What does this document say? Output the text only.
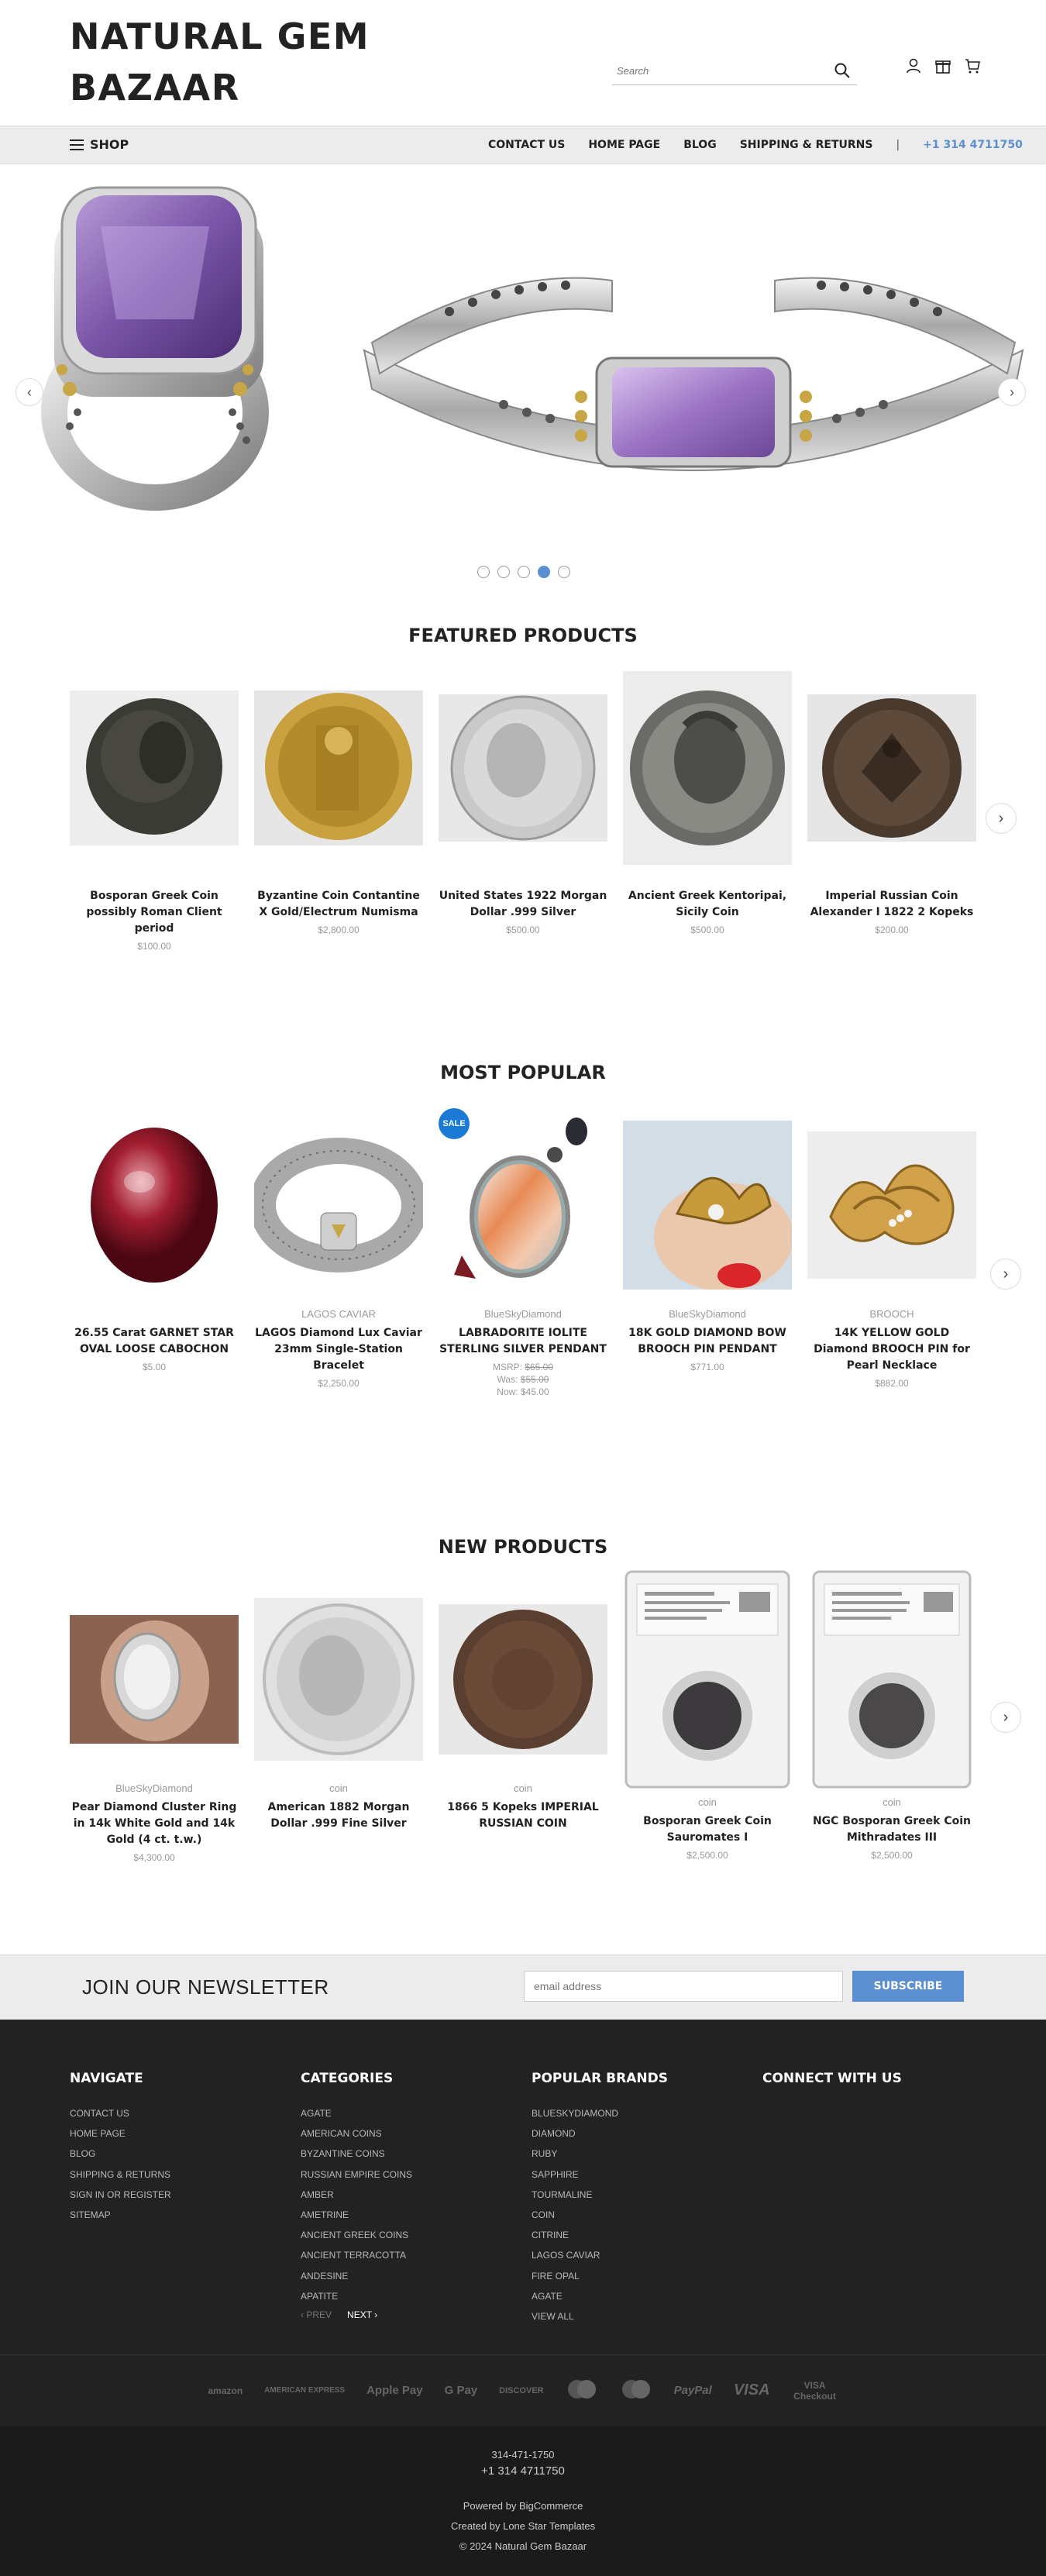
NATURAL GEM
BAZAAR
Search
SHOP	CONTACT US HOME PAGE BLOG SHIPPING & RETURNS | +1 314 4711750
‹	›
FEATURED PRODUCTS
Bosporan Greek Coin possibly Roman Client period
$100.00
Byzantine Coin Contantine X Gold/Electrum Numisma
$2,800.00
United States 1922 Morgan Dollar .999 Silver
$500.00
Ancient Greek Kentoripai, Sicily Coin
$500.00
Imperial Russian Coin Alexander I 1822 2 Kopeks
$200.00
›
MOST POPULAR
26.55 Carat GARNET STAR OVAL LOOSE CABOCHON
$5.00
LAGOS CAVIAR
LAGOS Diamond Lux Caviar 23mm Single-Station Bracelet
$2,250.00
SALE
BlueSkyDiamond
LABRADORITE IOLITE STERLING SILVER PENDANT
MSRP: $65.00
Was: $55.00
Now: $45.00
BlueSkyDiamond
18K GOLD DIAMOND BOW BROOCH PIN PENDANT
$771.00
BROOCH
14K YELLOW GOLD Diamond BROOCH PIN for Pearl Necklace
$882.00
›
NEW PRODUCTS
BlueSkyDiamond
Pear Diamond Cluster Ring in 14k White Gold and 14k Gold (4 ct. t.w.)
$4,300.00
coin
American 1882 Morgan Dollar .999 Fine Silver
coin
1866 5 Kopeks IMPERIAL RUSSIAN COIN
coin
Bosporan Greek Coin Sauromates I
$2,500.00
coin
NGC Bosporan Greek Coin Mithradates III
$2,500.00
›
JOIN OUR NEWSLETTER
email address	SUBSCRIBE
NAVIGATE
CONTACT US
HOME PAGE
BLOG
SHIPPING & RETURNS
SIGN IN OR REGISTER
SITEMAP
CATEGORIES
AGATE
AMERICAN COINS
BYZANTINE COINS
RUSSIAN EMPIRE COINS
AMBER
AMETRINE
ANCIENT GREEK COINS
ANCIENT TERRACOTTA
ANDESINE
APATITE
‹ PREV NEXT ›
POPULAR BRANDS
BLUESKYDIAMOND
DIAMOND
RUBY
SAPPHIRE
TOURMALINE
COIN
CITRINE
LAGOS CAVIAR
FIRE OPAL
AGATE
VIEW ALL
CONNECT WITH US
amazon	AMERICAN EXPRESS Apple Pay G Pay	DISCOVER	PayPal VISA	VISA Checkout
314-471-1750
+1 314 4711750
Powered by BigCommerce
Created by Lone Star Templates
© 2024 Natural Gem Bazaar
